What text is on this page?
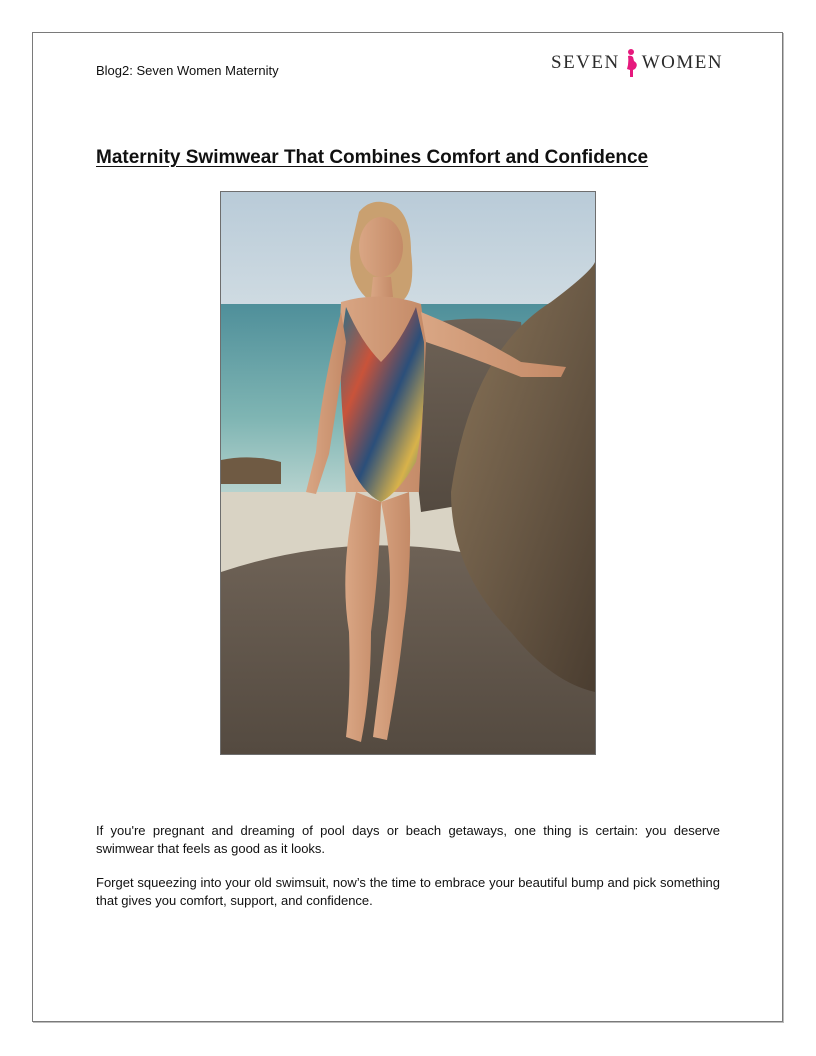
Blog2: Seven Women Maternity	SEVEN WOMEN
Maternity Swimwear That Combines Comfort and Confidence

If you're pregnant and dreaming of pool days or beach getaways, one thing is certain: you deserve swimwear that feels as good as it looks.

Forget squeezing into your old swimsuit, now’s the time to embrace your beautiful bump and pick something that gives you comfort, support, and confidence.
